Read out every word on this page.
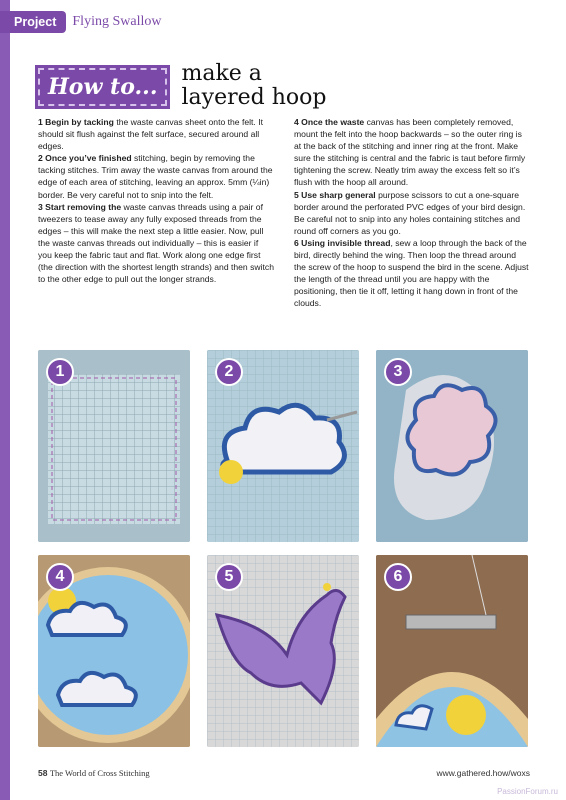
Project	Flying Swallow
How to...
make a
layered hoop

1 Begin by tacking the waste canvas sheet onto the felt. It should sit flush against the felt surface, secured around all edges.

2 Once you’ve finished stitching, begin by removing the tacking stitches. Trim away the waste canvas from around the edge of each area of stitching, leaving an approx. 5mm (¼in) border. Be very careful not to snip into the felt.

3 Start removing the waste canvas threads using a pair of tweezers to tease away any fully exposed threads from the edges – this will make the next step a little easier. Now, pull the waste canvas threads out individually – this is easier if you keep the fabric taut and flat. Work along one edge first (the direction with the shortest length strands) and then switch to the other edge to pull out the longer strands.

4 Once the waste canvas has been completely removed, mount the felt into the hoop backwards – so the outer ring is at the back of the stitching and inner ring at the front. Make sure the stitching is central and the fabric is taut before firmly tightening the screw. Neatly trim away the excess felt so it’s flush with the hoop all around.

5 Use sharp general purpose scissors to cut a one-square border around the perforated PVC edges of your bird design. Be careful not to snip into any holes containing stitches and round off corners as you go.

6 Using invisible thread, sew a loop through the back of the bird, directly behind the wing. Then loop the thread around the screw of the hoop to suspend the bird in the scene. Adjust the length of the thread until you are happy with the positioning, then tie it off, letting it hang down in front of the clouds.

1	2	3
4	5	6
58 The World of Cross Stitching	www.gathered.how/woxs
PassionForum.ru
